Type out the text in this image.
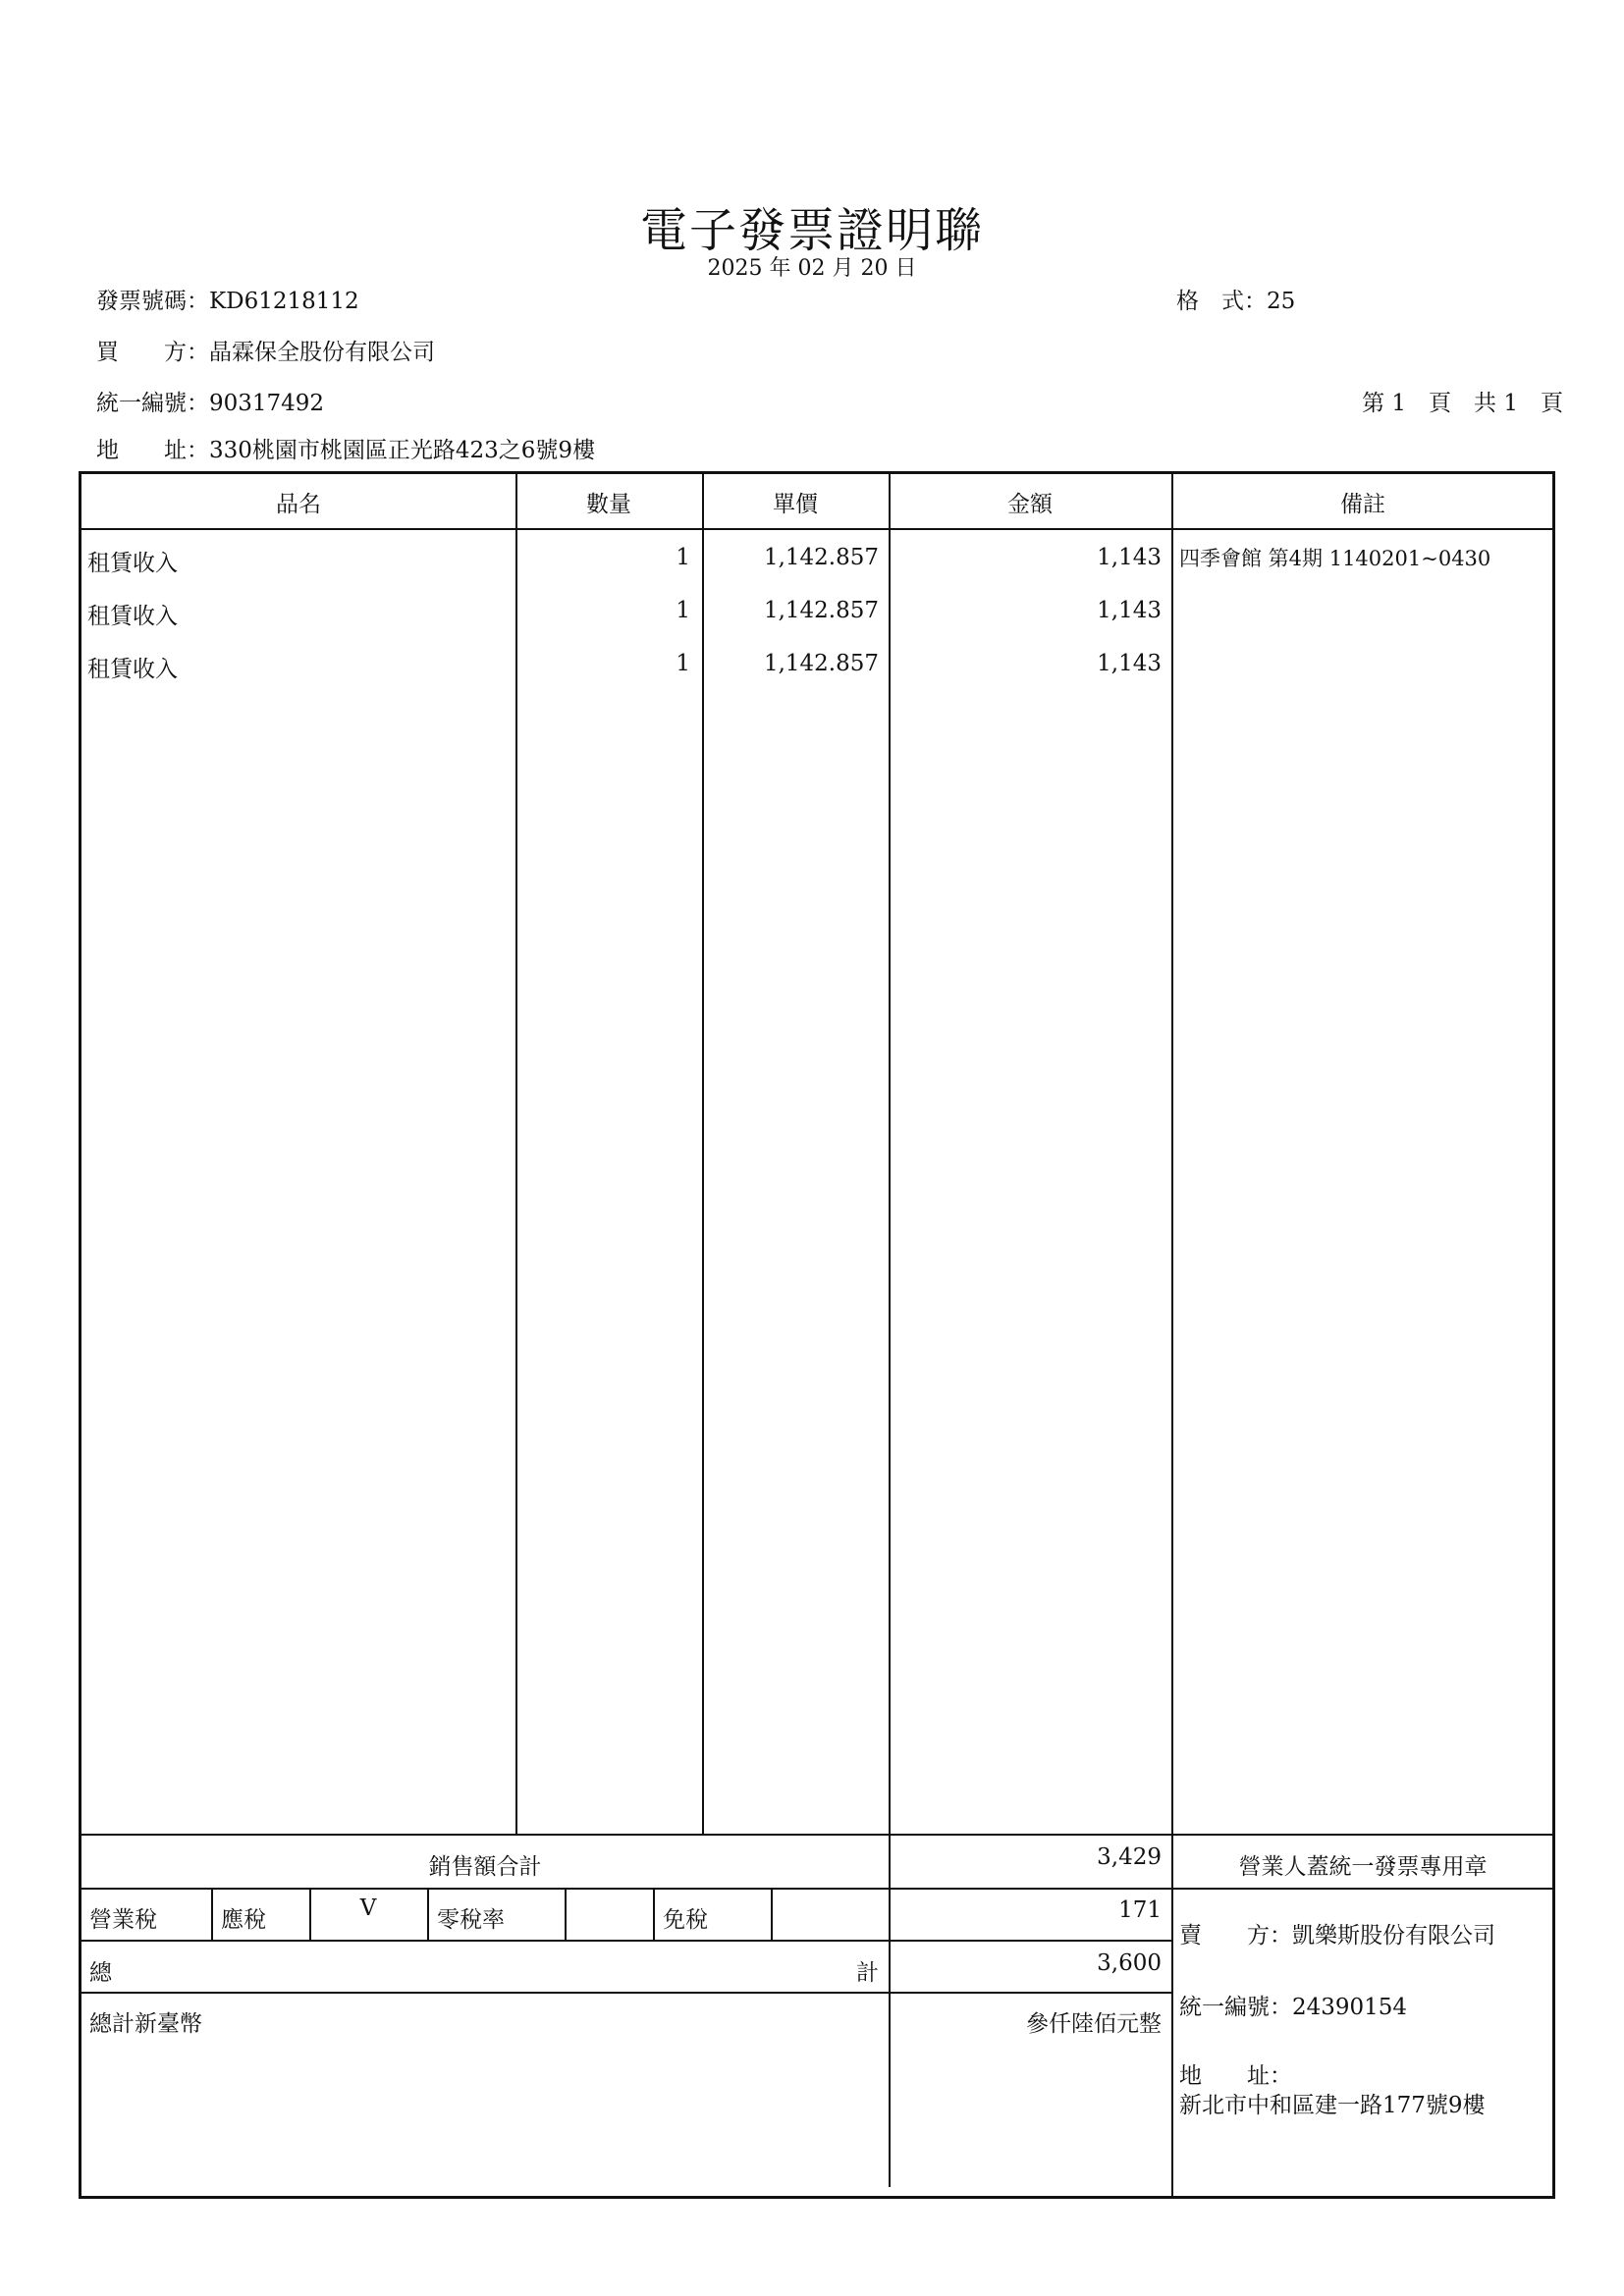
電子發票證明聯
2025 年 02 月 20 日
發票號碼：KD61218112	格　式：25
買　　方：晶霖保全股份有限公司
統一編號：90317492	第 1　頁　共 1　頁
地　　址：330桃園市桃園區正光路423之6號9樓
品名	數量	單價	金額	備註
租賃收入	1	1,142.857	1,143 四季會館 第4期 1140201~0430
租賃收入	1	1,142.857	1,143
租賃收入	1	1,142.857	1,143
銷售額合計	3,429	營業人蓋統一發票專用章
營業稅	應稅	V	零稅率	免稅	171
總	計	3,600
總計新臺幣	參仟陸佰元整
賣　　方：凱樂斯股份有限公司
統一編號：24390154
地　　址：
新北市中和區建一路177號9樓
